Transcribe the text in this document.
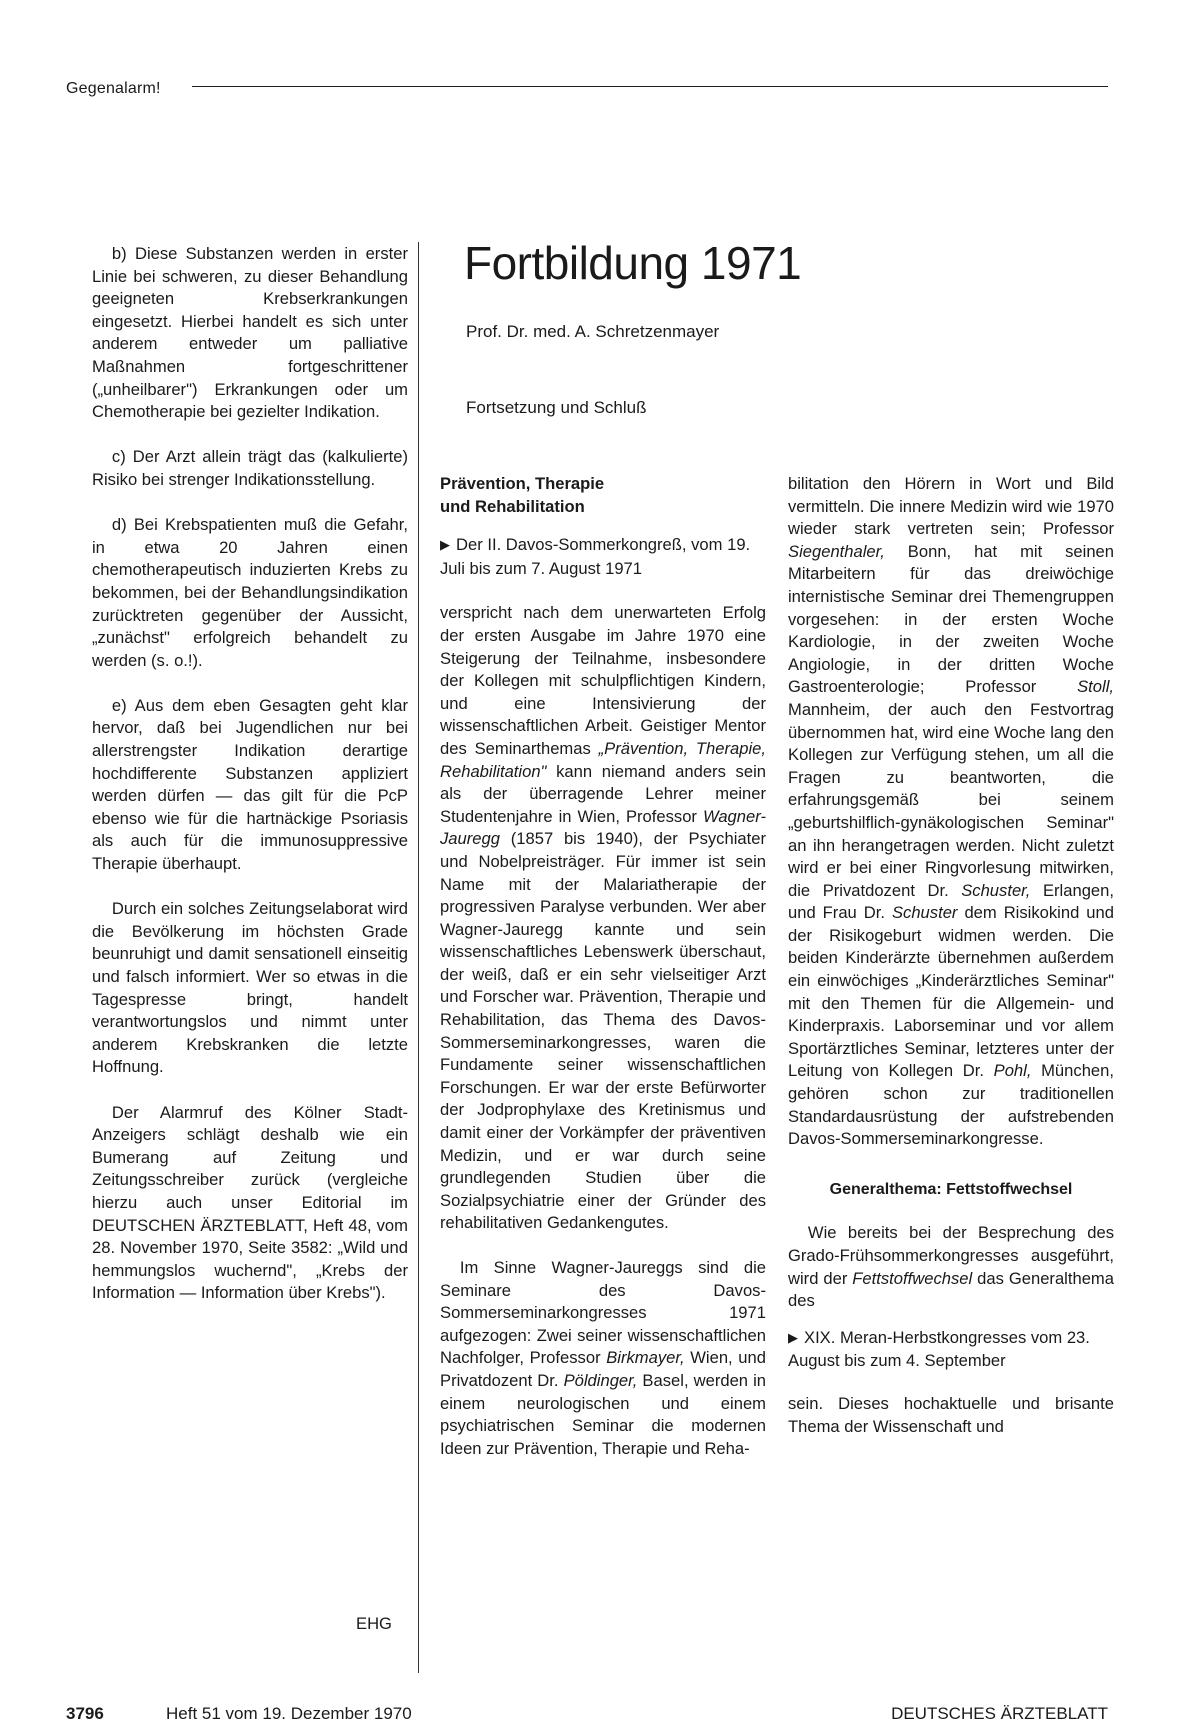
Gegenalarm!

b) Diese Substanzen werden in erster Linie bei schweren, zu dieser Behandlung geeigneten Krebserkrankungen eingesetzt. Hierbei handelt es sich unter anderem entweder um palliative Maßnahmen fortgeschrittener („unheilbarer") Erkrankungen oder um Chemotherapie bei gezielter Indikation.

c) Der Arzt allein trägt das (kalkulierte) Risiko bei strenger Indikationsstellung.

d) Bei Krebspatienten muß die Gefahr, in etwa 20 Jahren einen chemotherapeutisch induzierten Krebs zu bekommen, bei der Behandlungsindikation zurücktreten gegenüber der Aussicht, „zunächst" erfolgreich behandelt zu werden (s. o.!).

e) Aus dem eben Gesagten geht klar hervor, daß bei Jugendlichen nur bei allerstrengster Indikation derartige hochdifferente Substanzen appliziert werden dürfen — das gilt für die PcP ebenso wie für die hartnäckige Psoriasis als auch für die immunosuppressive Therapie überhaupt.

Durch ein solches Zeitungselaborat wird die Bevölkerung im höchsten Grade beunruhigt und damit sensationell einseitig und falsch informiert. Wer so etwas in die Tagespresse bringt, handelt verantwortungslos und nimmt unter anderem Krebskranken die letzte Hoffnung.

Der Alarmruf des Kölner Stadt-Anzeigers schlägt deshalb wie ein Bumerang auf Zeitung und Zeitungsschreiber zurück (vergleiche hierzu auch unser Editorial im DEUTSCHEN ÄRZTEBLATT, Heft 48, vom 28. November 1970, Seite 3582: „Wild und hemmungslos wuchernd", „Krebs der Information — Information über Krebs").

EHG
Fortbildung 1971
Prof. Dr. med. A. Schretzenmayer
Fortsetzung und Schluß

Prävention, Therapie
und Rehabilitation

▶ Der II. Davos-Sommerkongreß, vom 19. Juli bis zum 7. August 1971

verspricht nach dem unerwarteten Erfolg der ersten Ausgabe im Jahre 1970 eine Steigerung der Teilnahme, insbesondere der Kollegen mit schulpflichtigen Kindern, und eine Intensivierung der wissenschaftlichen Arbeit. Geistiger Mentor des Seminarthemas „Prävention, Therapie, Rehabilitation" kann niemand anders sein als der überragende Lehrer meiner Studentenjahre in Wien, Professor Wagner-Jauregg (1857 bis 1940), der Psychiater und Nobelpreisträger. Für immer ist sein Name mit der Malariatherapie der progressiven Paralyse verbunden. Wer aber Wagner-Jauregg kannte und sein wissenschaftliches Lebenswerk überschaut, der weiß, daß er ein sehr vielseitiger Arzt und Forscher war. Prävention, Therapie und Rehabilitation, das Thema des Davos-Sommerseminarkongresses, waren die Fundamente seiner wissenschaftlichen Forschungen. Er war der erste Befürworter der Jodprophylaxe des Kretinismus und damit einer der Vorkämpfer der präventiven Medizin, und er war durch seine grundlegenden Studien über die Sozialpsychiatrie einer der Gründer des rehabilitativen Gedankengutes.

Im Sinne Wagner-Jaureggs sind die Seminare des Davos-Sommerseminarkongresses 1971 aufgezogen: Zwei seiner wissenschaftlichen Nachfolger, Professor Birkmayer, Wien, und Privatdozent Dr. Pöldinger, Basel, werden in einem neurologischen und einem psychiatrischen Seminar die modernen Ideen zur Prävention, Therapie und Reha-

bilitation den Hörern in Wort und Bild vermitteln. Die innere Medizin wird wie 1970 wieder stark vertreten sein; Professor Siegenthaler, Bonn, hat mit seinen Mitarbeitern für das dreiwöchige internistische Seminar drei Themengruppen vorgesehen: in der ersten Woche Kardiologie, in der zweiten Woche Angiologie, in der dritten Woche Gastroenterologie; Professor Stoll, Mannheim, der auch den Festvortrag übernommen hat, wird eine Woche lang den Kollegen zur Verfügung stehen, um all die Fragen zu beantworten, die erfahrungsgemäß bei seinem „geburtshilflich-gynäkologischen Seminar" an ihn herangetragen werden. Nicht zuletzt wird er bei einer Ringvorlesung mitwirken, die Privatdozent Dr. Schuster, Erlangen, und Frau Dr. Schuster dem Risikokind und der Risikogeburt widmen werden. Die beiden Kinderärzte übernehmen außerdem ein einwöchiges „Kinderärztliches Seminar" mit den Themen für die Allgemein- und Kinderpraxis. Laborseminar und vor allem Sportärztliches Seminar, letzteres unter der Leitung von Kollegen Dr. Pohl, München, gehören schon zur traditionellen Standardausrüstung der aufstrebenden Davos-Sommerseminarkongresse.

Generalthema: Fettstoffwechsel

Wie bereits bei der Besprechung des Grado-Frühsommerkongresses ausgeführt, wird der Fettstoffwechsel das Generalthema des

▶ XIX. Meran-Herbstkongresses vom 23. August bis zum 4. September

sein. Dieses hochaktuelle und brisante Thema der Wissenschaft und

3796	Heft 51 vom 19. Dezember 1970	DEUTSCHES ÄRZTEBLATT
